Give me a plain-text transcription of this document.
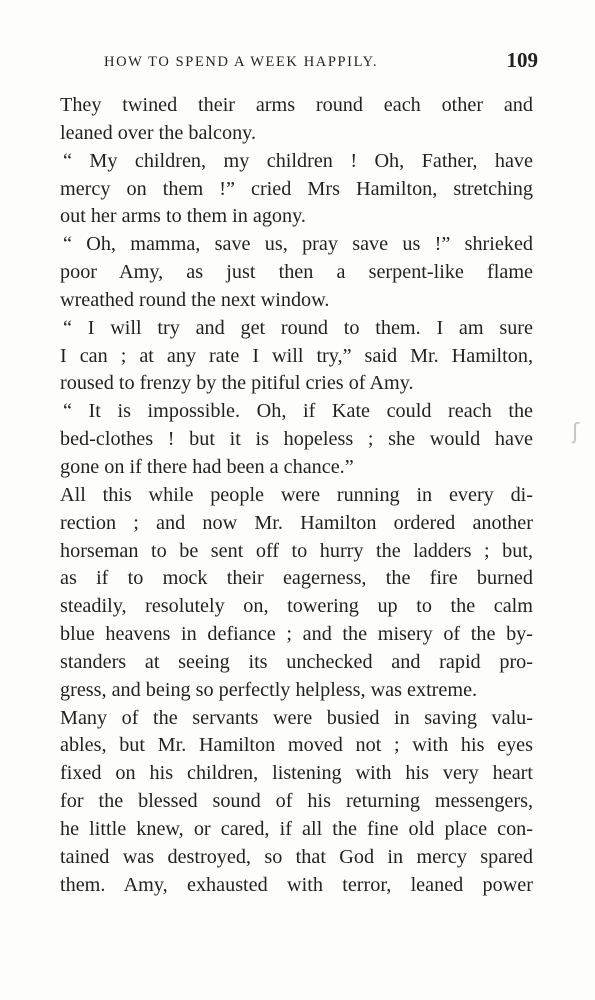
HOW TO SPEND A WEEK HAPPILY.	109
They twined their arms round each other and
leaned over the balcony.
“ My children, my children ! Oh, Father, have
mercy on them !” cried Mrs Hamilton, stretching
out her arms to them in agony.
“ Oh, mamma, save us, pray save us !” shrieked
poor Amy, as just then a serpent-like flame
wreathed round the next window.
“ I will try and get round to them. I am sure
I can ; at any rate I will try,” said Mr. Hamilton,
roused to frenzy by the pitiful cries of Amy.
“ It is impossible. Oh, if Kate could reach the
bed-clothes ! but it is hopeless ; she would have
gone on if there had been a chance.”
All this while people were running in every di-
rection ; and now Mr. Hamilton ordered another
horseman to be sent off to hurry the ladders ; but,
as if to mock their eagerness, the fire burned
steadily, resolutely on, towering up to the calm
blue heavens in defiance ; and the misery of the by-
standers at seeing its unchecked and rapid pro-
gress, and being so perfectly helpless, was extreme.
Many of the servants were busied in saving valu-
ables, but Mr. Hamilton moved not ; with his eyes
fixed on his children, listening with his very heart
for the blessed sound of his returning messengers,
he little knew, or cared, if all the fine old place con-
tained was destroyed, so that God in mercy spared
them. Amy, exhausted with terror, leaned power
ʃ
